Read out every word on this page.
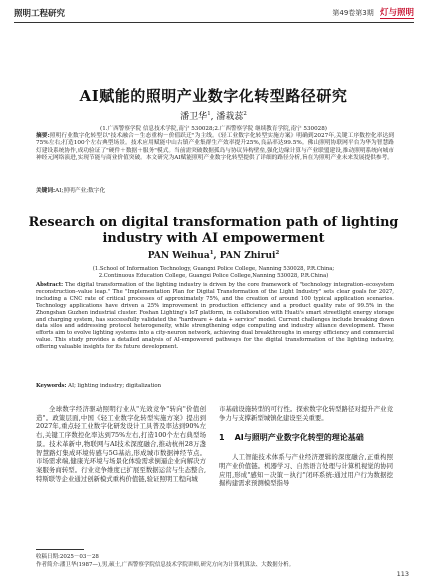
照明工程研究	第49卷第3期 灯与照明
AI赋能的照明产业数字化转型路径研究
潘卫华$^1$, 潘栽蕊$^2$
(1.广西警察学院 信息技术学院,南宁 530028;2.广西警察学院 继续教育学院,南宁 530028)
摘要:照明行业数字化转型以"技术融合－生态重构－价值跃迁"为主线。《轻工业数字化转型实施方案》明确到2027年,关键工序数控化率达到75%左右;打造100个左右典型场景。技术应用赋能中山古镇产业集群生产效率提升25%,良品率达99.5%。佛山照明协联网平台为华为智慧路灯建设系统协作,成功验证了"硬件＋数据＋服务"模式。当前需突破数据孤岛与协议异构壁垒,强化边缘计算与产业联盟建设,推动照明系统向城市神经元网络演进,实现节能与商业价值突破。本文研究为AI赋能照明产业数字化转型提供了详细的路径分析,旨在为照明产业未来发展提供参考。
关键词:AI;照明产业;数字化
Research on digital transformation path of lighting
industry with AI empowerment
PAN Weihua$^1$, PAN Zhirui$^2$
(1.School of Information Technology, Guangxi Police College, Nanning 530028, P.R.China;
2.Continuous Education College, Guangxi Police College,Nanning 530028, P.R.China)
Abstract: The digital transformation of the lighting industry is driven by the core framework of "technology integration–ecosystem reconstruction–value leap." The "Implementation Plan for Digital Transformation of the Light Industry" sets clear goals for 2027, including a CNC rate of critical processes of approximately 75%, and the creation of around 100 typical application scenarios. Technology applications have driven a 25% improvement in production efficiency and a product quality rate of 99.5% in the Zhongshan Guzhen industrial cluster. Foshan Lighting's IoT platform, in collaboration with Huati's smart streetlight energy storage and charging system, has successfully validated the "hardware + data + service" model. Current challenges include breaking down data silos and addressing protocol heterogeneity, while strengthening edge computing and industry alliance development. These efforts aim to evolve lighting systems into a city-neuron network, achieving dual breakthroughs in energy efficiency and commercial value. This study provides a detailed analysis of AI-empowered pathways for the digital transformation of the lighting industry, offering valuable insights for its future development.
Keywords: AI; lighting industry; digitalization
全球数字经济驱动照明行业从"光效竞争"转向"价值创造"。政策层面,中国《轻工业数字化转型实施方案》提出到2027年,重点轻工业数字化研发设计工具普及率达到90%左右,关键工序数控化率达到75%左右,打造100个左右典型场景。技术革新中,物联网与AI技术深度融合,推动杭州28万盏智慧路灯集成环境传感与5G基站,形成城市数据神经节点。市场需求端,健康光环境与场景化体验需求倒逼企业向解决方案服务商转型。行业竞争维度已扩展至数据运营与生态整合,特斯联等企业通过创新模式重构价值链,验证照明工程向城
市基础设施转型的可行性。探索数字化转型路径对提升产业竞争力与支撑新型城镇化建设至关重要。
1 AI与照明产业数字化转型的理论基础
人工智能技术体系与产业经济逻辑的深度融合,正重构照明产业价值链。机器学习、自然语言处理与计算机视觉的协同应用,形成"感知－决策－执行"闭环系统:通过用户行为数据挖掘构建需求预测模型指导
收稿日期:2025－03－28
作者简介:潘卫华(1987—),男,硕士,广西警察学院信息技术学院讲师,研究方向为计算机算法、大数据分析。
113
